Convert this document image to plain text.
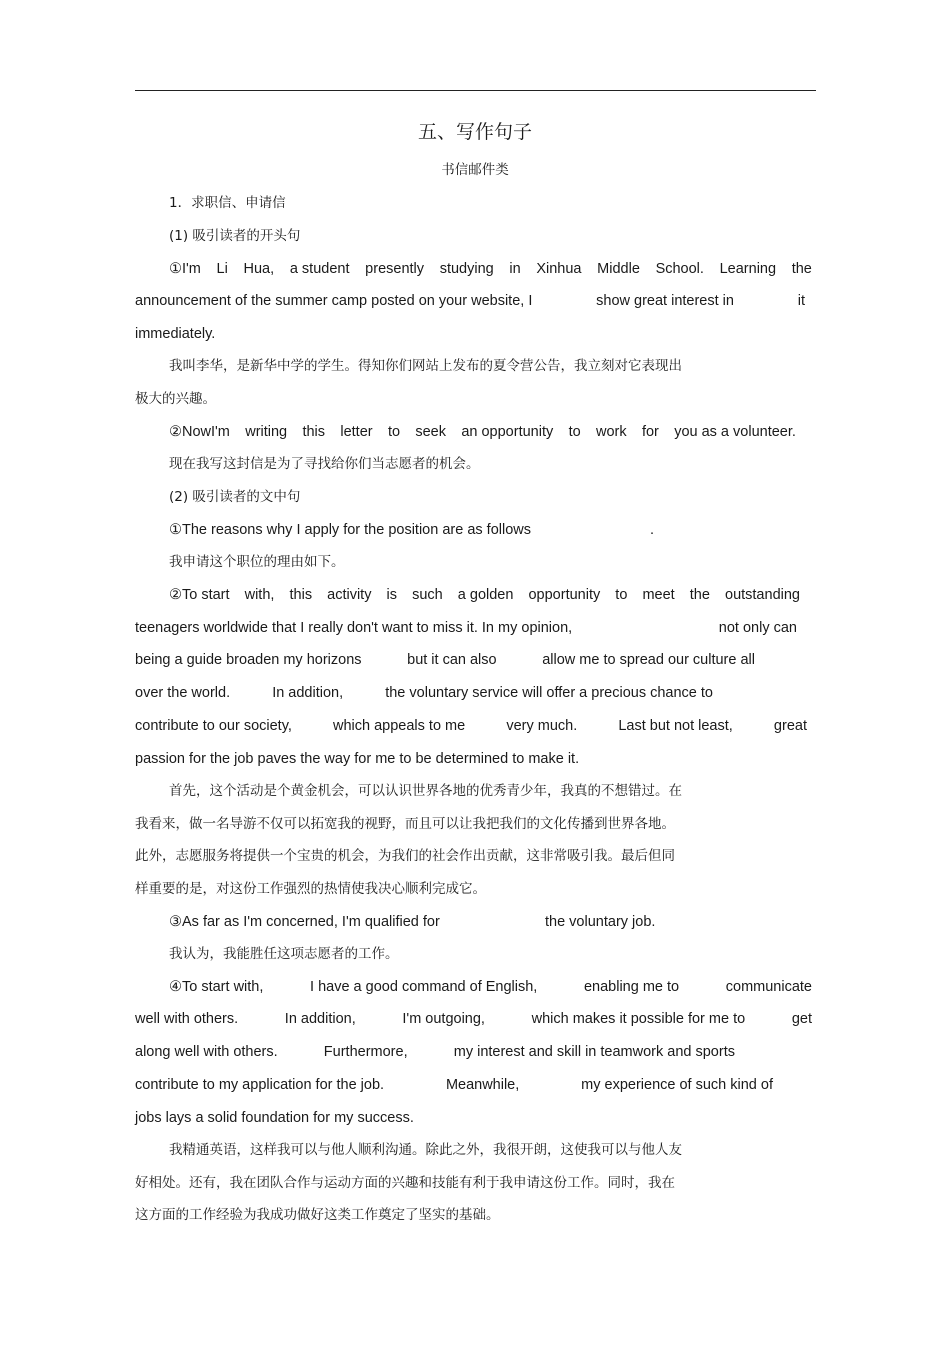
五、写作句子
书信邮件类
1．求职信、申请信
(1) 吸引读者的开头句
①I'm Li Hua, a student presently studying in Xinhua Middle School. Learning the
announcement of the summer camp posted on your website, I	show great interest in	it
immediately.
我叫李华，是新华中学的学生。得知你们网站上发布的夏令营公告，我立刻对它表现出
极大的兴趣。
②NowI'm writing this letter to seek an opportunity to work for you as a volunteer.
现在我写这封信是为了寻找给你们当志愿者的机会。
(2) 吸引读者的文中句
①The reasons why I apply for the position are as follows	.
我申请这个职位的理由如下。
②To start with, this activity is such a golden opportunity to meet the outstanding
teenagers worldwide that I really don't want to miss it. In my opinion,	not only can
being a guide broaden my horizons	but it can also	allow me to spread our culture all
over the world.	In addition,	the voluntary service will offer a precious chance to
contribute to our society,	which appeals to me	very much.	Last but not least,	great
passion for the job paves the way for me to be determined to make it.
首先，这个活动是个黄金机会，可以认识世界各地的优秀青少年，我真的不想错过。在
我看来，做一名导游不仅可以拓宽我的视野，而且可以让我把我们的文化传播到世界各地。
此外，志愿服务将提供一个宝贵的机会，为我们的社会作出贡献，这非常吸引我。最后但同
样重要的是，对这份工作强烈的热情使我决心顺利完成它。
③As far as I'm concerned, I'm qualified for	the voluntary job.
我认为，我能胜任这项志愿者的工作。
④To start with,	I have a good command of English,	enabling me to	communicate
well with others.	In addition,	I'm outgoing,	which makes it possible for me to	get
along well with others.	Furthermore,	my interest and skill in teamwork and sports
contribute to my application for the job.	Meanwhile,	my experience of such kind of
jobs lays a solid foundation for my success.
我精通英语，这样我可以与他人顺利沟通。除此之外，我很开朗，这使我可以与他人友
好相处。还有，我在团队合作与运动方面的兴趣和技能有利于我申请这份工作。同时，我在
这方面的工作经验为我成功做好这类工作奠定了坚实的基础。
